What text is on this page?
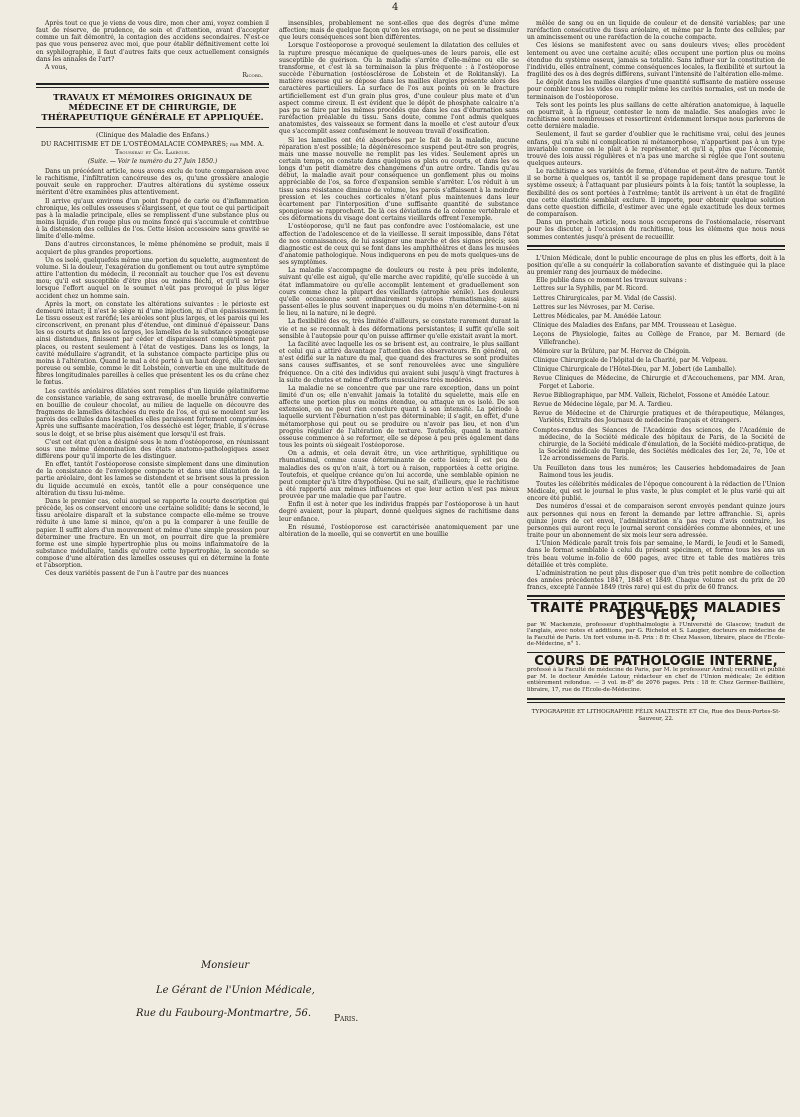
4

Après tout ce que je viens de vous dire, mon cher ami, voyez combien il faut de réserve, de prudence, de soin et d'attention, avant d'accepter comme un fait démontré, la contagion des accidens secondaires. N'est-ce pas que vous penserez avec moi, que pour établir définitivement cette loi en syphilographie, il faut d'autres faits que ceux actuellement consignés dans les annales de l'art?

A vous,

Ricord.
TRAVAUX ET MÉMOIRES ORIGINAUX DE MÉDECINE ET DE CHIRURGIE, DE THÉRAPEUTIQUE GÉNÉRALE ET APPLIQUÉE.
(Clinique des Maladie des Enfans.)
DU RACHITISME ET DE L'OSTÉOMALACIE COMPARÉS; par MM. A. Trousseau et Ch. Lasègue.
(Suite. — Voir le numéro du 27 Juin 1850.)

Dans un précédent article, nous avons exclu de toute comparaison avec le rachitisme, l'infiltration cancéreuse des os, qu'une grossière analogie pouvait seule en rapprocher. D'autres altérations du système osseux méritent d'être examinées plus attentivement.

Il arrive qu'aux environs d'un point frappé de carie ou d'inflammation chronique, les cellules osseuses s'élargissent, et que tout ce qui participait pas à la maladie principale, elles se remplissent d'une substance plus ou moins liquide, d'un rouge plus ou moins foncé qui s'accumule et contribue à la distension des cellules de l'os. Cette lésion accessoire sans gravité se limite d'elle-même.

Dans d'autres circonstances, le même phénomène se produit, mais il acquiert de plus grandes proportions.

Un os isolé, quelquefois même une portion du squelette, augmentent de volume. Si la douleur, l'exagération du gonflement ou tout autre symptôme attire l'attention du médecin, il reconnaît au toucher que l'os est devenu mou; qu'il est susceptible d'être plus ou moins fléchi, et qu'il se brise lorsque l'effort auquel on le soumet n'eût pas provoqué le plus léger accident chez un homme sain.

Après la mort, on constate les altérations suivantes : le périoste est demeuré intact; il n'est le siège ni d'une injection, ni d'un épaississement. Le tissu osseux est raréfié; les aréoles sont plus larges, et les parois qui les circonscrivent, en prenant plus d'étendue, ont diminué d'épaisseur. Dans les os courts et dans les os larges, les lamelles de la substance spongieuse ainsi distendues, finissent par céder et disparaissent complètement par places, ou restent seulement à l'état de vestiges. Dans les os longs, la cavité médullaire s'agrandit, et la substance compacte participe plus ou moins à l'altération. Quand le mal a été porté à un haut degré, elle devient poreuse ou semble, comme le dit Lobstein, convertie en une multitude de fibres longitudinales pareilles à celles que présentent les os du crâne chez le fœtus.

Les cavités aréolaires dilatées sont remplies d'un liquide gélatiniforme de consistance variable, de sang extravasé, de moelle brunâtre convertie en bouillie de couleur chocolat, au milieu de laquelle on découvre des fragmens de lamelles détachées du reste de l'os, et qui se moulent sur les parois des cellules dans lesquelles elles paraissent fortement comprimées. Après une suffisante macération, l'os desséché est léger, friable, il s'écrase sous le doigt, et se brise plus aisément que lorsqu'il est frais.

C'est cet état qu'on a désigné sous le nom d'ostéoporose, en réunissant sous une même dénomination des états anatomo-pathologiques assez différens pour qu'il importe de les distinguer.

En effet, tantôt l'ostéoporose consiste simplement dans une diminution de la consistance de l'enveloppe compacte et dans une dilatation de la partie aréolaire, dont les lames se distendent et se brisent sous la pression du liquide accumulé en excès, tantôt elle a pour conséquence une altération du tissu lui-même.

Dans le premier cas, celui auquel se rapporte la courte description qui précède, les os conservent encore une certaine solidité; dans le second, le tissu aréolaire disparaît et la substance compacte elle-même se trouve réduite à une lame si mince, qu'on a pu la comparer à une feuille de papier. Il suffit alors d'un mouvement et même d'une simple pression pour déterminer une fracture. En un mot, on pourrait dire que la première forme est une simple hypertrophie plus ou moins inflammatoire de la substance médullaire, tandis qu'outre cette hypertrophie, la seconde se compose d'une altération des lamelles osseuses qui en détermine la fonte et l'absorption.

Ces deux variétés passent de l'un à l'autre par des nuances

insensibles, probablement ne sont-elles que des degrés d'une même affection; mais de quelque façon qu'on les envisage, on ne peut se dissimuler que leurs conséquences sont bien différentes.

Lorsque l'ostéoporose a provoqué seulement la dilatation des cellules et la rupture presque mécanique de quelques-unes de leurs parois, elle est susceptible de guérison. Ou la maladie s'arrête d'elle-même ou elle se transforme, et c'est là sa terminaison la plus fréquente : à l'ostéoporose succède l'éburnation (ostéosclérose de Lobstein et de Rokitansky). La matière osseuse qui se dépose dans les mailles élargies présente alors des caractères particuliers. La surface de l'os aux points où on le fracture artificiellement est d'un grain plus gros, d'une couleur plus mate et d'un aspect comme cireux. Il est évident que le dépôt de phosphate calcaire n'a pas pu se faire par les mêmes procédés que dans les cas d'éburnation sans raréfaction préalable du tissu. Sans doute, comme l'ont admis quelques anatomistes, des vaisseaux se forment dans la moelle et c'est autour d'eux que s'accomplit assez confusément le nouveau travail d'ossification.

Si les lamelles ont été absorbées par le fait de la maladie, aucune réparation n'est possible; la dégénérescence suspend peut-être son progrès, mais une masse nouvelle ne remplit pas les vides. Seulement après un certain temps, on constate dans quelques os plats ou courts, et dans les os longs d'un petit diamètre des changemens d'un autre ordre. Tandis qu'au début, la maladie avait pour conséquence un gonflement plus ou moins appréciable de l'os, sa force d'expansion semble s'arrêter. L'os réduit à un tissu sans résistance diminue de volume, les parois s'affaissent à la moindre pression et les couches corticales n'étant plus maintenues dans leur écartement par l'interposition d'une suffisante quantité de substance spongieuse se rapprochent. De là ces déviations de la colonne vertébrale et ces déformations du visage dont certains vieillards offrent l'exemple.

L'ostéoporose, qu'il ne faut pas confondre avec l'ostéomalacie, est une affection de l'adolescence et de la vieillesse. Il serait impossible, dans l'état de nos connaissances, de lui assigner une marche et des signes précis; son diagnostic est de ceux qui se font dans les amphithéâtres et dans les musées d'anatomie pathologique. Nous indiquerons en peu de mots quelques-uns de ses symptômes.

La maladie s'accompagne de douleurs ou reste à peu près indolente, suivant qu'elle est aiguë, qu'elle marche avec rapidité, qu'elle succède à un état inflammatoire ou qu'elle accomplit lentement et graduellement son cours comme chez la plupart des vieillards (atrophie sénile). Les douleurs qu'elle occasionne sont ordinairement réputées rhumatismales; aussi passent-elles le plus souvent inaperçues ou du moins n'en détermine-t-on ni le lieu, ni la nature, ni le degré.

La flexibilité des os, très limitée d'ailleurs, se constate rarement durant la vie et ne se reconnaît à des déformations persistantes; il suffit qu'elle soit sensible à l'autopsie pour qu'on puisse affirmer qu'elle existait avant la mort.

La facilité avec laquelle les os se brisent est, au contraire, le plus saillant et celui qui a attiré davantage l'attention des observateurs. En général, on n'est édifié sur la nature du mal, que quand des fractures se sont produites sans causes suffisantes, et se sont renouvelées avec une singulière fréquence. On a cité des individus qui avaient subi jusqu'à vingt fractures à la suite de chutes et même d'efforts musculaires très modérés.

La maladie ne se concentre que par une rare exception, dans un point limité d'un os; elle n'envahit jamais la totalité du squelette, mais elle en affecte une portion plus ou moins étendue, ou attaque un os isolé. De son extension, on ne peut rien conclure quant à son intensité. La période à laquelle survient l'éburnation n'est pas déterminable; il s'agit, en effet, d'une métamorphose qui peut ou se produire ou n'avoir pas lieu, et non d'un progrès régulier de l'altération de texture. Toutefois, quand la matière osseuse commence à se reformer, elle se dépose à peu près également dans tous les points où siégeait l'ostéoporose.

On a admis, et cela devait être, un vice arthritique, syphilitique ou rhumatismal, comme cause déterminante de cette lésion; il est peu de maladies des os qu'on n'ait, à tort ou à raison, rapportées à cette origine. Toutefois, et quelque créance qu'on lui accorde, une semblable opinion ne peut compter qu'à titre d'hypothèse. Qui ne sait, d'ailleurs, que le rachitisme a été rapporté aux mêmes influences et que leur action n'est pas mieux prouvée par une maladie que par l'autre.

Enfin il est à noter que les individus frappés par l'ostéoporose à un haut degré avaient, pour la plupart, donné quelques signes de rachitisme dans leur enfance.

En résumé, l'ostéoporose est caractérisée anatomiquement par une altération de la moelle, qui se convertit en une bouillie

mêlée de sang ou en un liquide de couleur et de densité variables; par une raréfaction consécutive du tissu aréolaire, et même par la fonte des cellules; par un amincissement ou une raréfaction de la couche compacte.

Ces lésions se manifestent avec ou sans douleurs vives; elles procèdent lentement ou avec une certaine acuité; elles occupent une portion plus ou moins étendue du système osseux, jamais sa totalité. Sans influer sur la constitution de l'individu, elles entraînent, comme conséquences locales, la flexibilité et surtout la fragilité des os à des degrés différens, suivant l'intensité de l'altération elle-même.

Le dépôt dans les mailles élargies d'une quantité suffisante de matière osseuse pour combler tous les vides ou remplir même les cavités normales, est un mode de terminaison de l'ostéoporose.

Tels sont les points les plus saillans de cette altération anatomique, à laquelle on pourrait, à la rigueur, contester le nom de maladie. Ses analogies avec le rachitisme sont nombreuses et ressortiront évidemment lorsque nous parlerons de cette dernière maladie.

Seulement, il faut se garder d'oublier que le rachitisme vrai, celui des jeunes enfans, qui n'a subi ni complication ni métamorphose, n'appartient pas à un type invariable comme on le plait à le représenter, et qu'il a, plus que l'économie, trouvé des lois aussi régulières et n'a pas une marche si réglée que l'ont soutenu quelques auteurs.

Le rachitisme a ses variétés de forme, d'étendue et peut-être de nature. Tantôt il se borne à quelques os, tantôt il se propage rapidement dans presque tout le système osseux; à l'attaquant par plusieurs points à la fois; tantôt la souplesse, la flexibilité des os sont portées à l'extrême; tantôt ils arrivent à un état de fragilité que cette élasticité semblait exclure. Il importe, pour obtenir quelque solution dans cette question difficile, d'estimer avec une égale exactitude les deux termes de comparaison.

Dans un prochain article, nous nous occuperons de l'ostéomalacie, réservant pour les discuter, à l'occasion du rachitisme, tous les élémens que nous nous sommes contentés jusqu'à présent de recueillir.

L'Union Médicale, dont le public encourage de plus en plus les efforts, doit à la position qu'elle a su conquérir la collaboration savante et distinguée qui la place au premier rang des journaux de médecine.

Elle publie dans ce moment les travaux suivans :

Lettres sur la Syphilis, par M. Ricord.
Lettres Chirurgicales, par M. Vidal (de Cassis).
Lettres sur les Névroses, par M. Cerise.
Lettres Médicales, par M. Amédée Latour.
Clinique des Maladies des Enfans, par MM. Trousseau et Lasègue.
Leçons de Physiologie, faites au Collège de France, par M. Bernard (de Villefranche).
Mémoire sur la Brûlure, par M. Hervez de Chégoin.
Clinique Chirurgicale de l'hôpital de la Charité, par M. Velpeau.
Clinique Chirurgicale de l'Hôtel-Dieu, par M. Jobert (de Lamballe).
Revue Cliniques de Médecine, de Chirurgie et d'Accouchemens, par MM. Aran, Forget et Laborie.
Revue Bibliographique, par MM. Valleix, Richelot, Fossone et Amédée Latour.
Revue de Médecine légale, par M. A. Tardieu.
Revue de Médecine et de Chirurgie pratiques et de thérapeutique, Mélanges, Variétés, Extraits des Journaux de médecine français et étrangers.
Comptes-rendus des Séances de l'Académie des sciences, de l'Académie de médecine, de la Société médicale des hôpitaux de Paris, de la Société de chirurgie, de la Société médicale d'émulation, de la Société médico-pratique, de la Société médicale du Temple, des Sociétés médicales des 1er, 2e, 7e, 10e et 12e arrondissemens de Paris.
Un Feuilleton dans tous les numéros; les Causeries hebdomadaires de Jean Raimond tous les jeudis.

Toutes les célébrités médicales de l'époque concourent à la rédaction de l'Union Médicale, qui est le journal le plus vaste, le plus complet et le plus varié qui ait encore été publié.

Des numéros d'essai et de comparaison seront envoyés pendant quinze jours aux personnes qui nous en feront la demande par lettre affranchie. Si, après quinze jours de cet envoi, l'administration n'a pas reçu d'avis contraire, les personnes qui auront reçu le journal seront considérées comme abonnées, et une traite pour un abonnement de six mois leur sera adressée.

L'Union Médicale paraît trois fois par semaine, le Mardi, le Jeudi et le Samedi, dans le format semblable à celui du présent spécimen, et forme tous les ans un très beau volume in-folio de 600 pages, avec titre et table des matières très détaillée et très complète.

L'administration ne peut plus disposer que d'un très petit nombre de collection des années précédentes 1847, 1848 et 1849. Chaque volume est du prix de 20 francs, excepté l'année 1849 (très rare) qui est du prix de 60 francs.

TRAITÉ PRATIQUE DES MALADIES DES YEUX,
par W. Mackenzie, professeur d'ophthalmologie à l'Université de Glascow; traduit de l'anglais, avec notes et additions, par G. Richelot et S. Laugier, docteurs en médecine de la Faculté de Paris. Un fort volume in-8. Prix : 8 fr. Chez Masson, libraire, place de l'Ecole-de-Médecine, n° 1.
COURS DE PATHOLOGIE INTERNE,
professé à la Faculté de médecine de Paris, par M. le professeur Andral; recueilli et publié par M. le docteur Amédée Latour, rédacteur en chef de l'Union médicale; 2e édition entièrement refondue. — 3 vol. in-8° de 2076 pages. Prix : 18 fr. Chez Germer-Baillière, libraire, 17, rue de l'Ecole-de-Médecine.
TYPOGRAPHIE ET LITHOGRAPHIE FÉLIX MALTESTE ET Cie, Rue des Deux-Portes-St-Sauveur, 22.
Monsieur
Le Gérant de l'Union Médicale,
Rue du Faubourg-Montmartre, 56.	Paris.
